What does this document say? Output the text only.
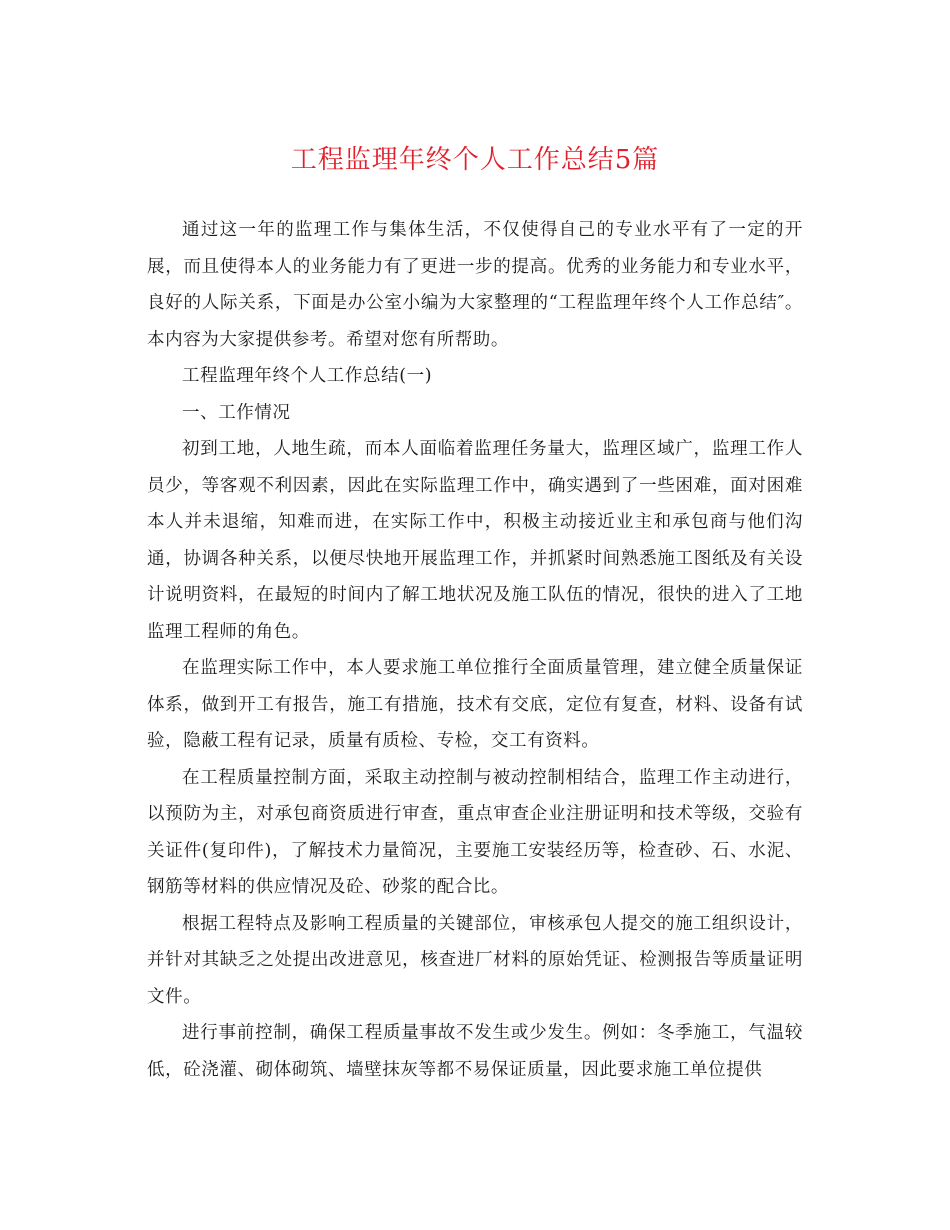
工程监理年终个人工作总结5篇

通过这一年的监理工作与集体生活，不仅使得自己的专业水平有了一定的开展，而且使得本人的业务能力有了更进一步的提高。优秀的业务能力和专业水平，良好的人际关系，下面是办公室小编为大家整理的“工程监理年终个人工作总结″。本内容为大家提供参考。希望对您有所帮助。

工程监理年终个人工作总结(一)

一、工作情况

初到工地，人地生疏，而本人面临着监理任务量大，监理区域广，监理工作人员少，等客观不利因素，因此在实际监理工作中，确实遇到了一些困难，面对困难本人并未退缩，知难而进，在实际工作中，积极主动接近业主和承包商与他们沟通，协调各种关系，以便尽快地开展监理工作，并抓紧时间熟悉施工图纸及有关设计说明资料，在最短的时间内了解工地状况及施工队伍的情况，很快的进入了工地监理工程师的角色。

在监理实际工作中，本人要求施工单位推行全面质量管理，建立健全质量保证体系，做到开工有报告，施工有措施，技术有交底，定位有复查，材料、设备有试验，隐蔽工程有记录，质量有质检、专检，交工有资料。

在工程质量控制方面，采取主动控制与被动控制相结合，监理工作主动进行，以预防为主，对承包商资质进行审查，重点审查企业注册证明和技术等级，交验有关证件(复印件)，了解技术力量简况，主要施工安装经历等，检查砂、石、水泥、钢筋等材料的供应情况及砼、砂浆的配合比。

根据工程特点及影响工程质量的关键部位，审核承包人提交的施工组织设计，并针对其缺乏之处提出改进意见，核查进厂材料的原始凭证、检测报告等质量证明文件。

进行事前控制，确保工程质量事故不发生或少发生。例如：冬季施工，气温较低，砼浇灌、砌体砌筑、墙壁抹灰等都不易保证质量，因此要求施工单位提供
